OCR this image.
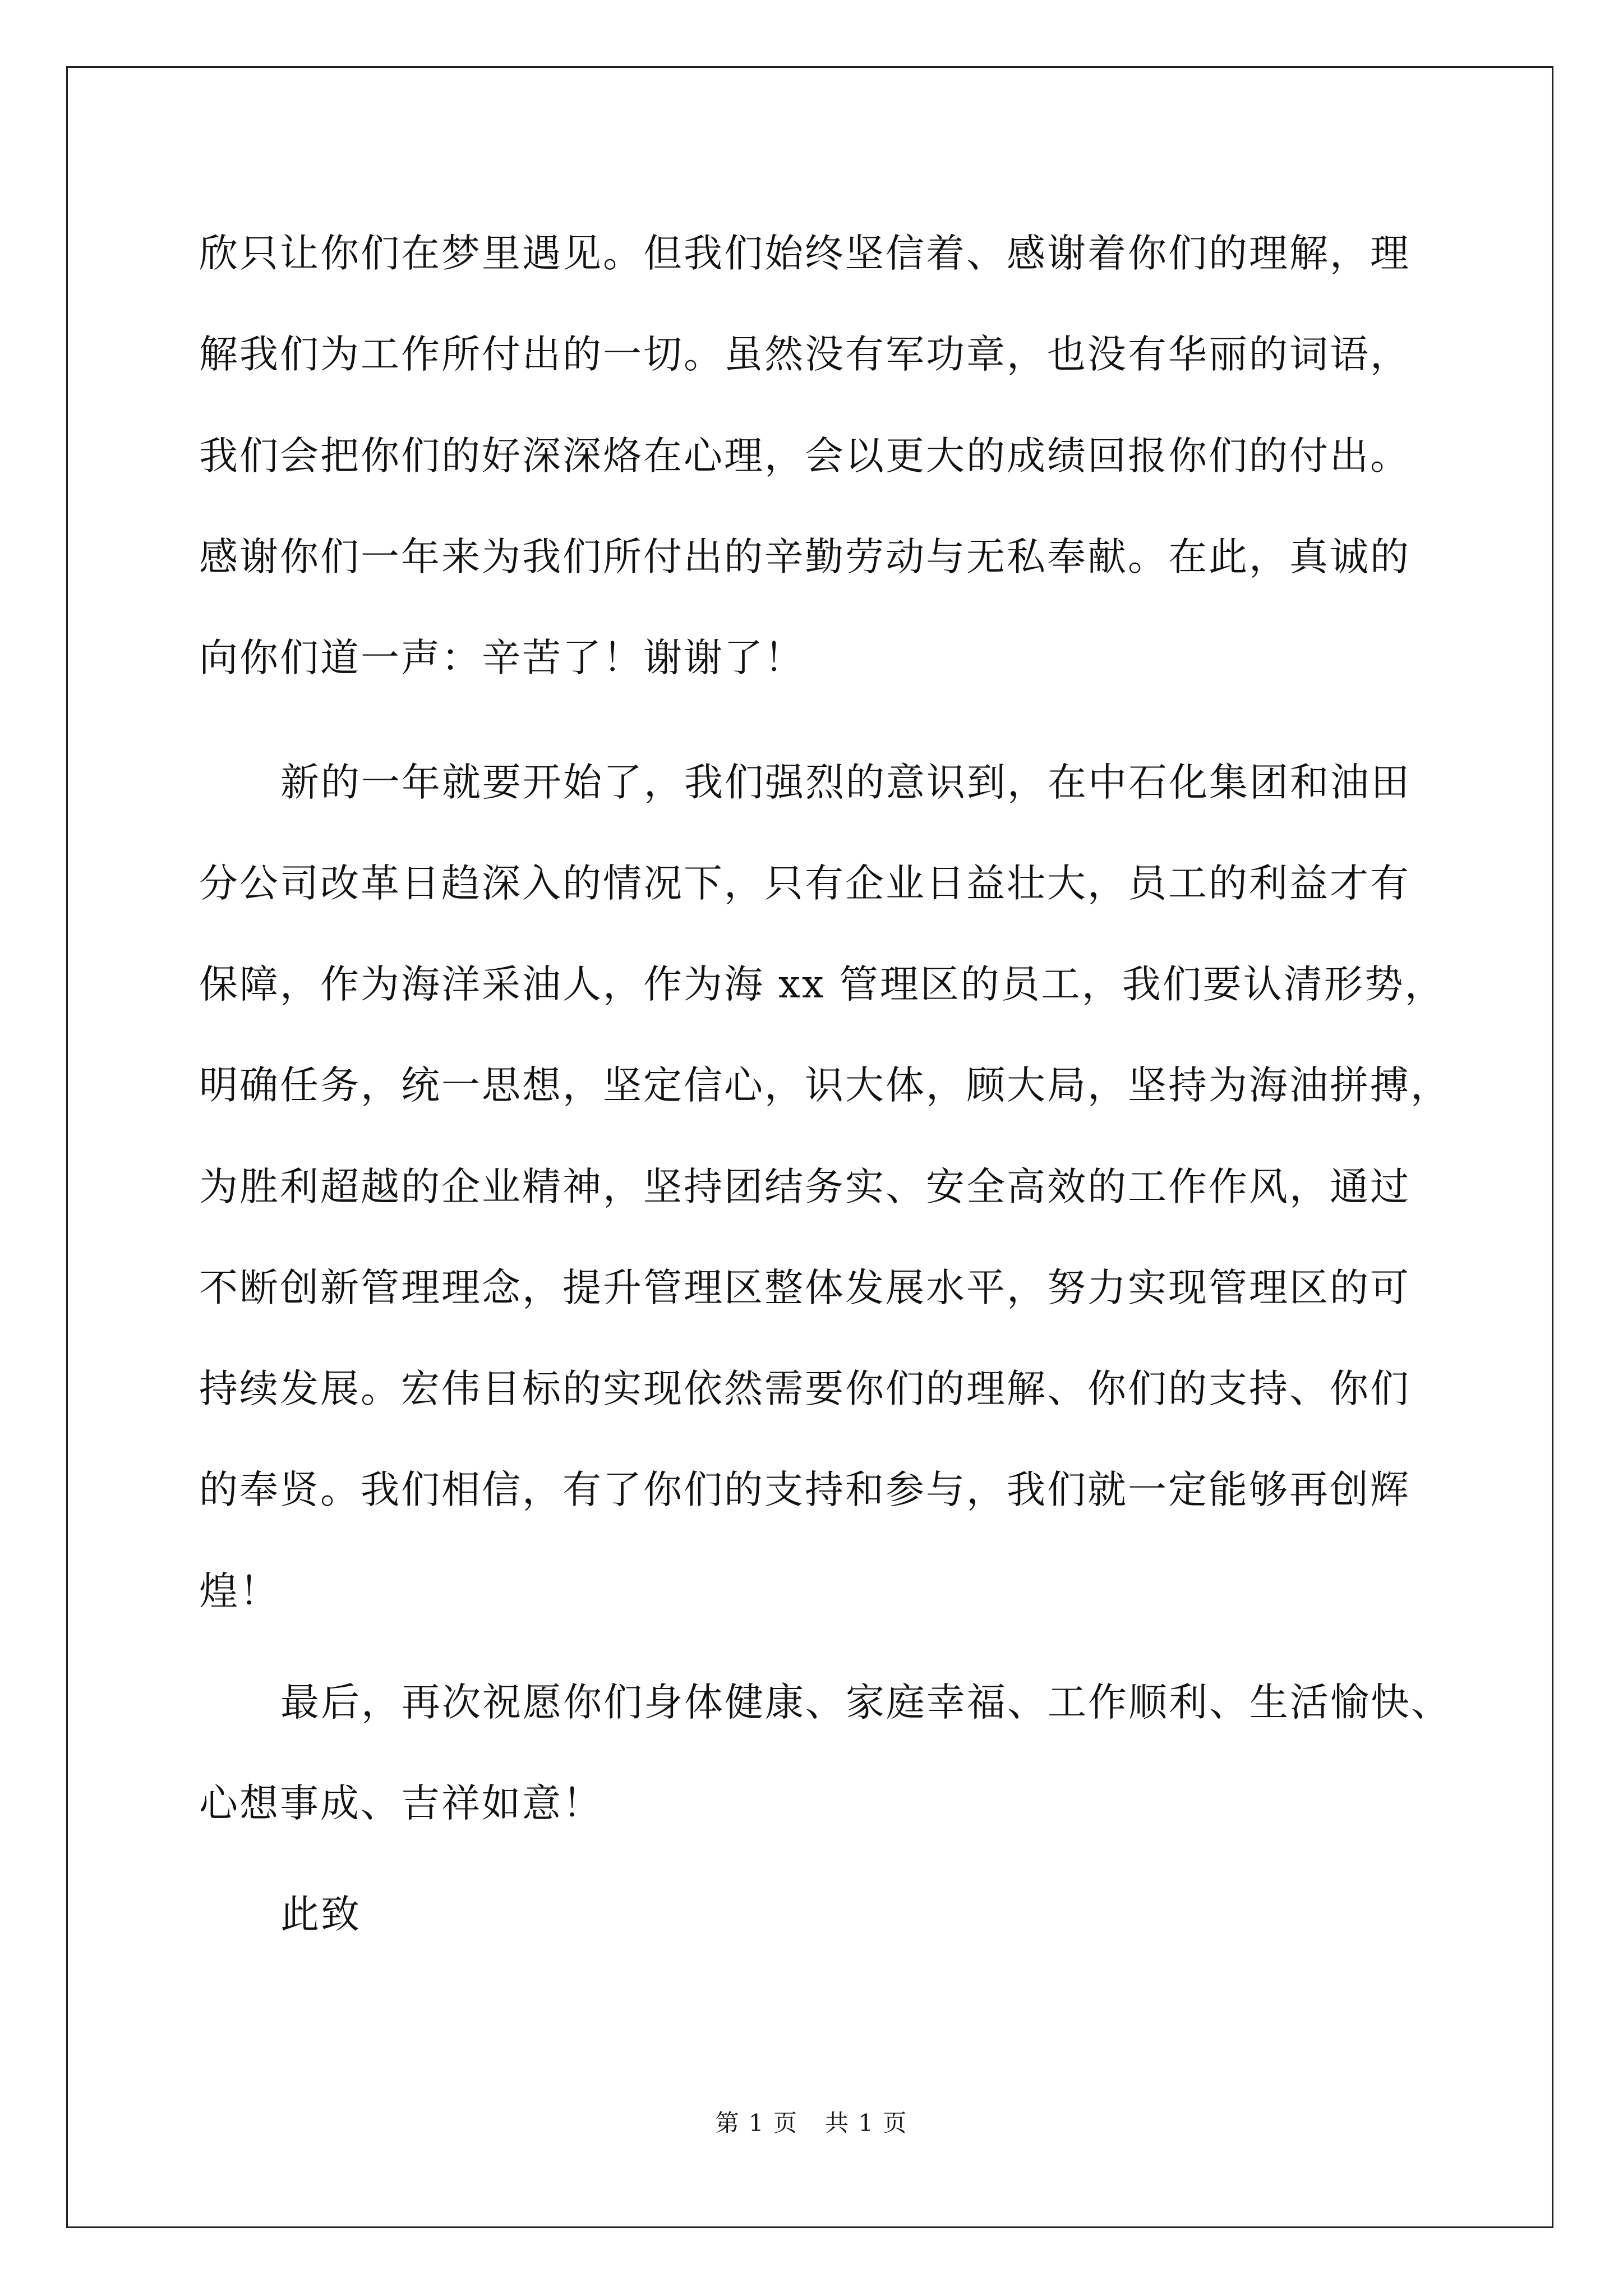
欣只让你们在梦里遇见。但我们始终坚信着、感谢着你们的理解，理
解我们为工作所付出的一切。虽然没有军功章，也没有华丽的词语，
我们会把你们的好深深烙在心理，会以更大的成绩回报你们的付出。
感谢你们一年来为我们所付出的辛勤劳动与无私奉献。在此，真诚的
向你们道一声：辛苦了！谢谢了！
新的一年就要开始了，我们强烈的意识到，在中石化集团和油田
分公司改革日趋深入的情况下，只有企业日益壮大，员工的利益才有
保障，作为海洋采油人，作为海 xx 管理区的员工，我们要认清形势，
明确任务，统一思想，坚定信心，识大体，顾大局，坚持为海油拼搏，
为胜利超越的企业精神，坚持团结务实、安全高效的工作作风，通过
不断创新管理理念，提升管理区整体发展水平，努力实现管理区的可
持续发展。宏伟目标的实现依然需要你们的理解、你们的支持、你们
的奉贤。我们相信，有了你们的支持和参与，我们就一定能够再创辉
煌！
最后，再次祝愿你们身体健康、家庭幸福、工作顺利、生活愉快、
心想事成、吉祥如意！
此致
第 1 页 共 1 页
